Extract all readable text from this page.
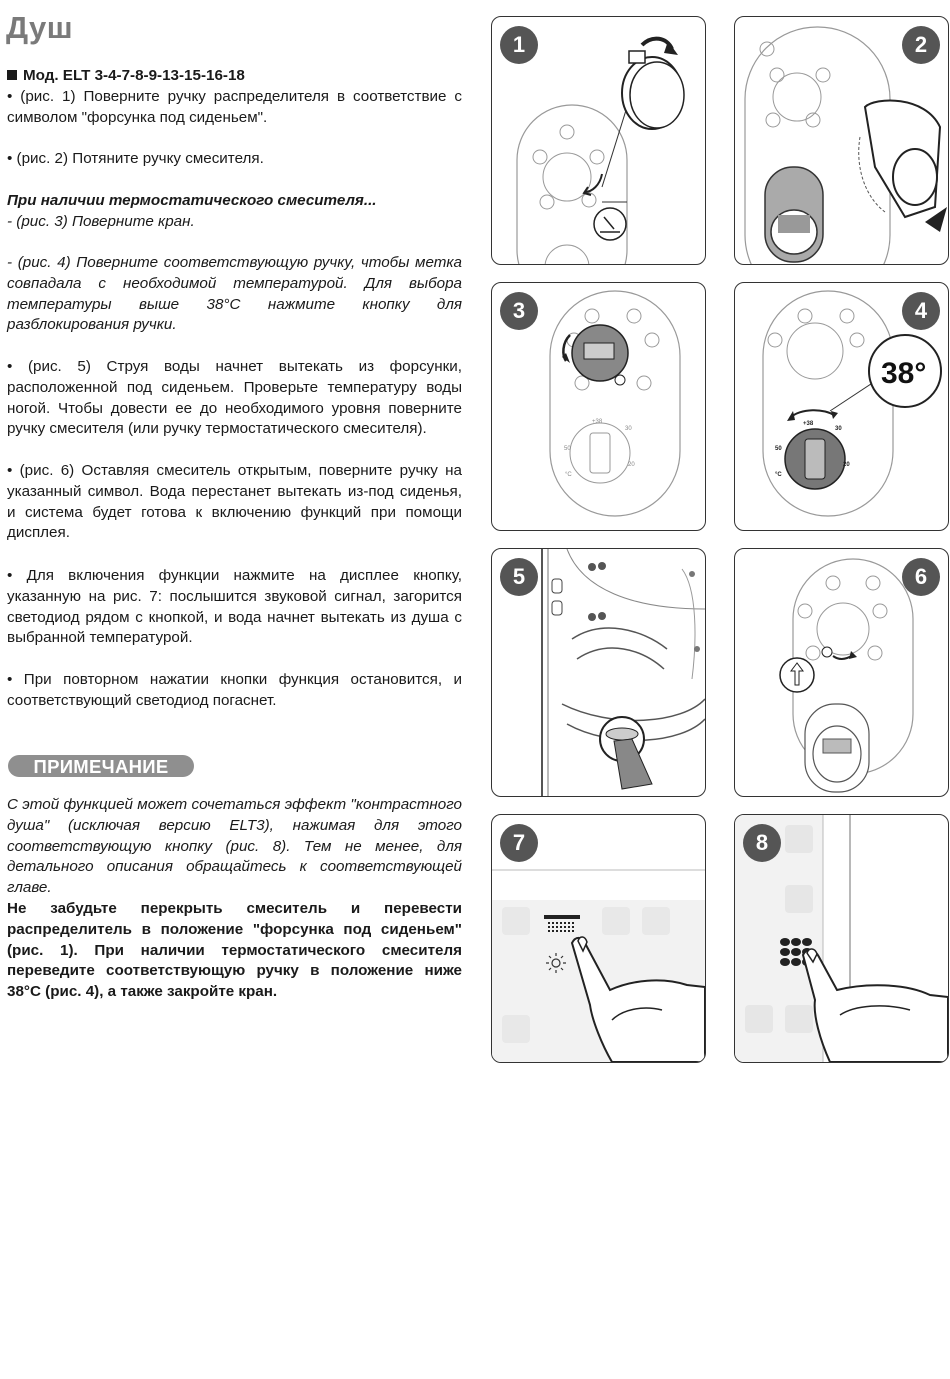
Душ
Мод. ELT 3-4-7-8-9-13-15-16-18
• (рис. 1) Поверните ручку распределителя в соответствие с символом "форсунка под сиденьем".
• (рис. 2) Потяните ручку смесителя.
При наличии термостатического смесителя...
- (рис. 3) Поверните кран.
- (рис. 4) Поверните соответствующую ручку, чтобы метка совпадала с необходимой температурой. Для выбора температуры выше 38°C нажмите кнопку для разблокирования ручки.
• (рис. 5) Струя воды начнет вытекать из форсунки, расположенной под сиденьем. Проверьте температуру воды ногой. Чтобы довести ее до необходимого уровня поверните ручку смесителя (или ручку термостатического смесителя).
• (рис. 6) Оставляя смеситель открытым, поверните ручку на указанный символ. Вода перестанет вытекать из-под сиденья, и система будет готова к включению функций при помощи дисплея.
• Для включения функции нажмите на дисплее кнопку, указанную на рис. 7: послышится звуковой сигнал, загорится светодиод рядом с кнопкой, и вода начнет вытекать из душа с выбранной температурой.
• При повторном нажатии кнопки функция остановится, и соответствующий светодиод погаснет.
ПРИМЕЧАНИЕ
С этой функцией может сочетаться эффект "контрастного душа" (исключая версию ELT3), нажимая для этого соответствующую кнопку (рис. 8). Тем не менее, для детального описания обращайтесь к соответствующей главе.
Не забудьте перекрыть смеситель и перевести распределитель в положение "форсунка под сиденьем" (рис. 1). При наличии термостатического смесителя переведите соответствующую ручку в положение ниже 38°C (рис. 4), а также закройте кран.
1	2
3
+38
50
°C
30
20
4
+38
50
°C
30
20
38°
5	6
7	8
